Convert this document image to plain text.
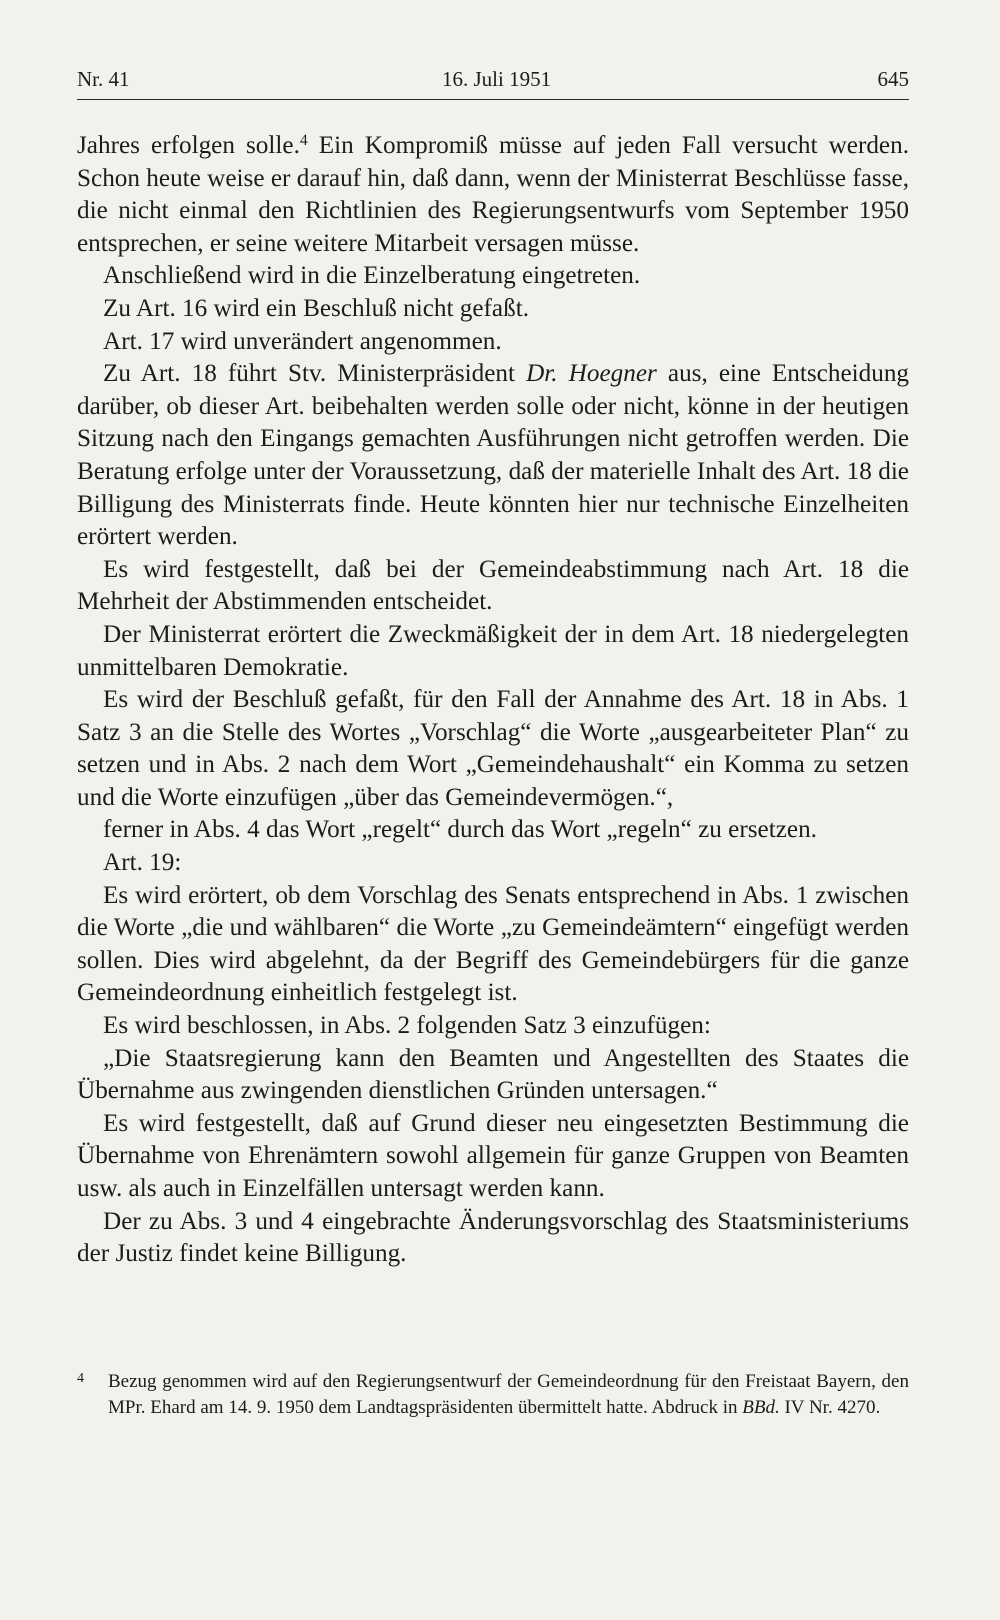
Nr. 41	16. Juli 1951	645

Jahres erfolgen solle.$^4$ Ein Kompromiß müsse auf jeden Fall versucht werden. Schon heute weise er darauf hin, daß dann, wenn der Ministerrat Beschlüsse fasse, die nicht einmal den Richtlinien des Regierungsentwurfs vom September 1950 entsprechen, er seine weitere Mitarbeit versagen müsse.

Anschließend wird in die Einzelberatung eingetreten.

Zu Art. 16 wird ein Beschluß nicht gefaßt.

Art. 17 wird unverändert angenommen.

Zu Art. 18 führt Stv. Ministerpräsident Dr. Hoegner aus, eine Entscheidung darüber, ob dieser Art. beibehalten werden solle oder nicht, könne in der heutigen Sitzung nach den Eingangs gemachten Ausführungen nicht getroffen werden. Die Beratung erfolge unter der Voraussetzung, daß der materielle Inhalt des Art. 18 die Billigung des Ministerrats finde. Heute könnten hier nur technische Einzelheiten erörtert werden.

Es wird festgestellt, daß bei der Gemeindeabstimmung nach Art. 18 die Mehrheit der Abstimmenden entscheidet.

Der Ministerrat erörtert die Zweckmäßigkeit der in dem Art. 18 niedergelegten unmittelbaren Demokratie.

Es wird der Beschluß gefaßt, für den Fall der Annahme des Art. 18 in Abs. 1 Satz 3 an die Stelle des Wortes „Vorschlag“ die Worte „ausgearbeiteter Plan“ zu setzen und in Abs. 2 nach dem Wort „Gemeindehaushalt“ ein Komma zu setzen und die Worte einzufügen „über das Gemeindevermögen.“,

ferner in Abs. 4 das Wort „regelt“ durch das Wort „regeln“ zu ersetzen.

Art. 19:

Es wird erörtert, ob dem Vorschlag des Senats entsprechend in Abs. 1 zwischen die Worte „die und wählbaren“ die Worte „zu Gemeindeämtern“ eingefügt werden sollen. Dies wird abgelehnt, da der Begriff des Gemeindebürgers für die ganze Gemeindeordnung einheitlich festgelegt ist.

Es wird beschlossen, in Abs. 2 folgenden Satz 3 einzufügen:

„Die Staatsregierung kann den Beamten und Angestellten des Staates die Übernahme aus zwingenden dienstlichen Gründen untersagen.“

Es wird festgestellt, daß auf Grund dieser neu eingesetzten Bestimmung die Übernahme von Ehrenämtern sowohl allgemein für ganze Gruppen von Beamten usw. als auch in Einzelfällen untersagt werden kann.

Der zu Abs. 3 und 4 eingebrachte Änderungsvorschlag des Staatsministeriums der Justiz findet keine Billigung.

4 Bezug genommen wird auf den Regierungsentwurf der Gemeindeordnung für den Freistaat Bayern, den MPr. Ehard am 14. 9. 1950 dem Landtagspräsidenten übermittelt hatte. Abdruck in BBd. IV Nr. 4270.
